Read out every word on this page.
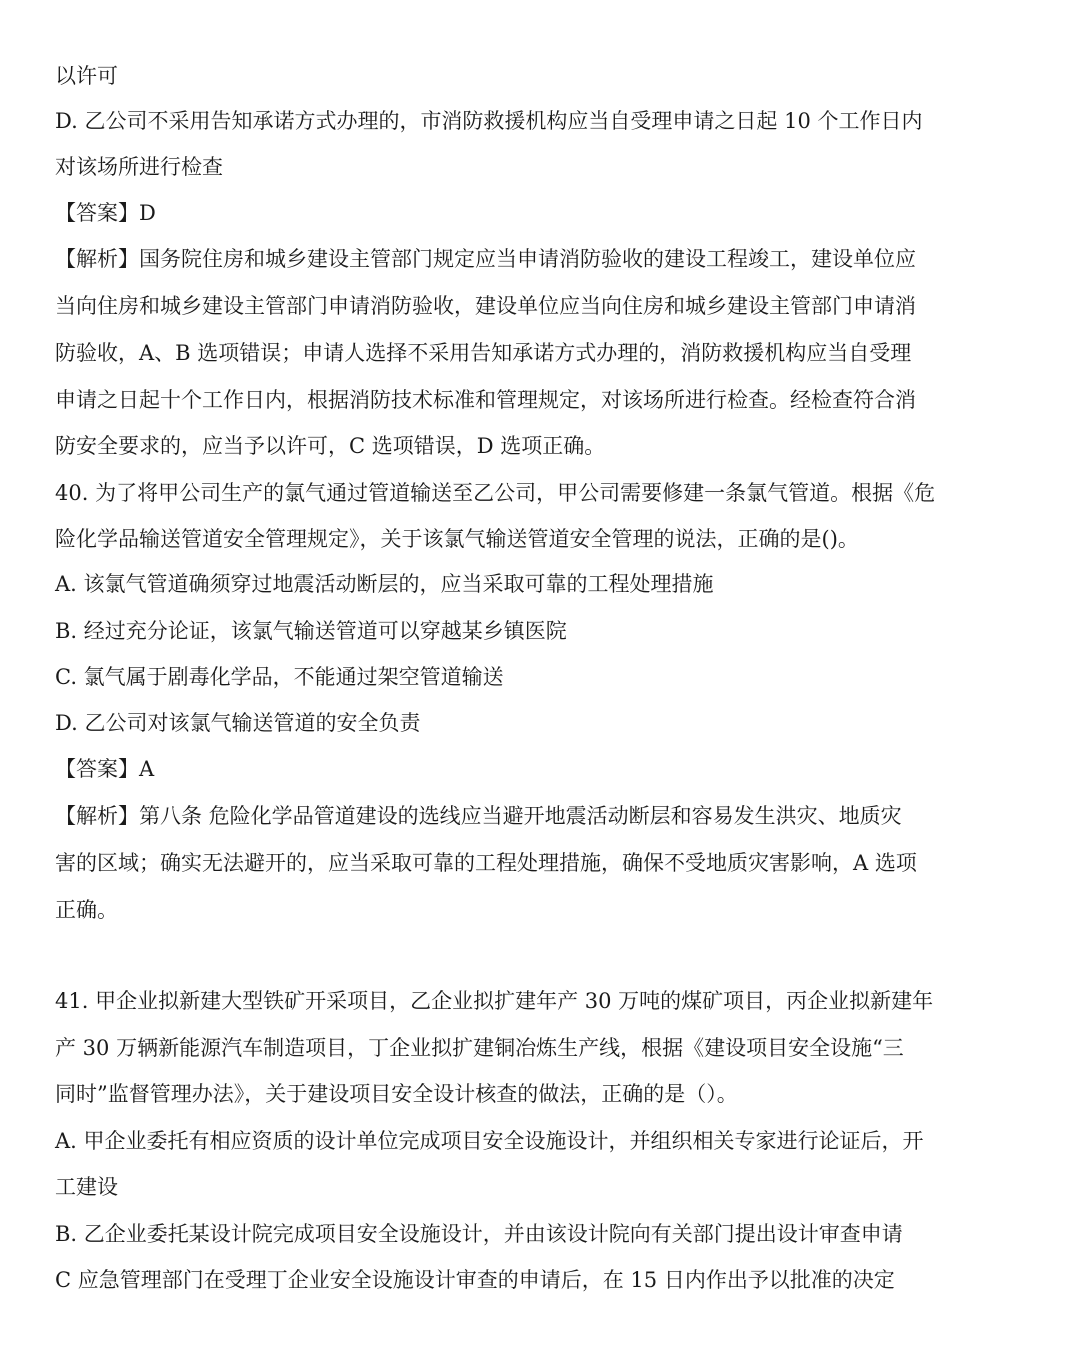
以许可
D. 乙公司不采用告知承诺方式办理的，市消防救援机构应当自受理申请之日起 10 个工作日内
对该场所进行检查
【答案】D
【解析】国务院住房和城乡建设主管部门规定应当申请消防验收的建设工程竣工，建设单位应
当向住房和城乡建设主管部门申请消防验收，建设单位应当向住房和城乡建设主管部门申请消
防验收，A、B 选项错误；申请人选择不采用告知承诺方式办理的，消防救援机构应当自受理
申请之日起十个工作日内，根据消防技术标准和管理规定，对该场所进行检查。经检查符合消
防安全要求的，应当予以许可，C 选项错误，D 选项正确。
40. 为了将甲公司生产的氯气通过管道输送至乙公司，甲公司需要修建一条氯气管道。根据《危
险化学品输送管道安全管理规定》，关于该氯气输送管道安全管理的说法，正确的是()。
A. 该氯气管道确须穿过地震活动断层的，应当采取可靠的工程处理措施
B. 经过充分论证，该氯气输送管道可以穿越某乡镇医院
C. 氯气属于剧毒化学品，不能通过架空管道输送
D. 乙公司对该氯气输送管道的安全负责
【答案】A
【解析】第八条 危险化学品管道建设的选线应当避开地震活动断层和容易发生洪灾、地质灾
害的区域；确实无法避开的，应当采取可靠的工程处理措施，确保不受地质灾害影响，A 选项
正确。
41. 甲企业拟新建大型铁矿开采项目，乙企业拟扩建年产 30 万吨的煤矿项目，丙企业拟新建年
产 30 万辆新能源汽车制造项目，丁企业拟扩建铜冶炼生产线，根据《建设项目安全设施“三
同时”监督管理办法》，关于建设项目安全设计核查的做法，正确的是（）。
A. 甲企业委托有相应资质的设计单位完成项目安全设施设计，并组织相关专家进行论证后，开
工建设
B. 乙企业委托某设计院完成项目安全设施设计，并由该设计院向有关部门提出设计审查申请
C 应急管理部门在受理丁企业安全设施设计审查的申请后，在 15 日内作出予以批准的决定
